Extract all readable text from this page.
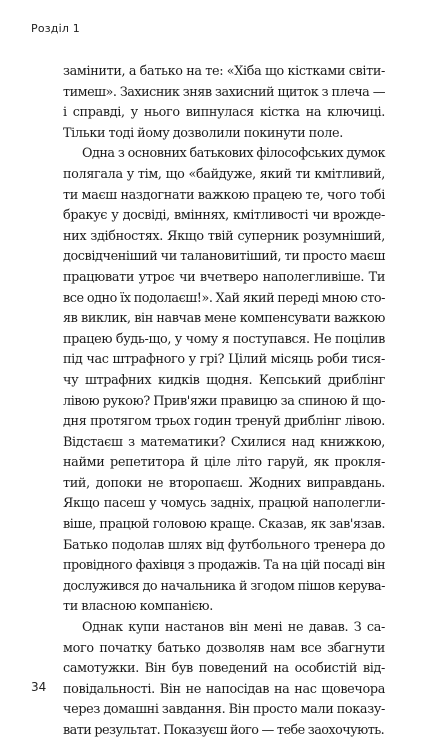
Розділ 1

замінити, а батько на те: «Хіба що кістками світи-
тимеш». Захисник зняв захисний щиток з плеча —
і справді, у нього випнулася кістка на ключиці.
Тільки тоді йому дозволили покинути поле.

Одна з основних батькових філософських думок
полягала у тім, що «байдуже, який ти кмітливий,
ти маєш наздогнати важкою працею те, чого тобі
бракує у досвіді, вміннях, кмітливості чи врожде-
них здібностях. Якщо твій суперник розумніший,
досвідченіший чи талановитіший, ти просто маєш
працювати утроє чи вчетверо наполегливіше. Ти
все одно їх подолаєш!». Хай який переді мною сто-
яв виклик, він навчав мене компенсувати важкою
працею будь-що, у чому я поступався. Не поцілив
під час штрафного у грі? Цілий місяць роби тися-
чу штрафних кидків щодня. Кепський дриблінг
лівою рукою? Прив'яжи правицю за спиною й що-
дня протягом трьох годин тренуй дриблінг лівою.
Відстаєш з математики? Схилися над книжкою,
найми репетитора й ціле літо гаруй, як прокля-
тий, допоки не второпаєш. Жодних виправдань.
Якщо пасеш у чомусь задніх, працюй наполегли-
віше, працюй головою краще. Сказав, як зав'язав.
Батько подолав шлях від футбольного тренера до
провідного фахівця з продажів. Та на цій посаді він
дослужився до начальника й згодом пішов керува-
ти власною компанією.

Однак купи настанов він мені не давав. З са-
мого початку батько дозволяв нам все збагнути
самотужки. Він був поведений на особистій від-
повідальності. Він не напосідав на нас щовечора
через домашні завдання. Він просто мали показу-
вати результат. Показуєш його — тебе заохочують.

34
